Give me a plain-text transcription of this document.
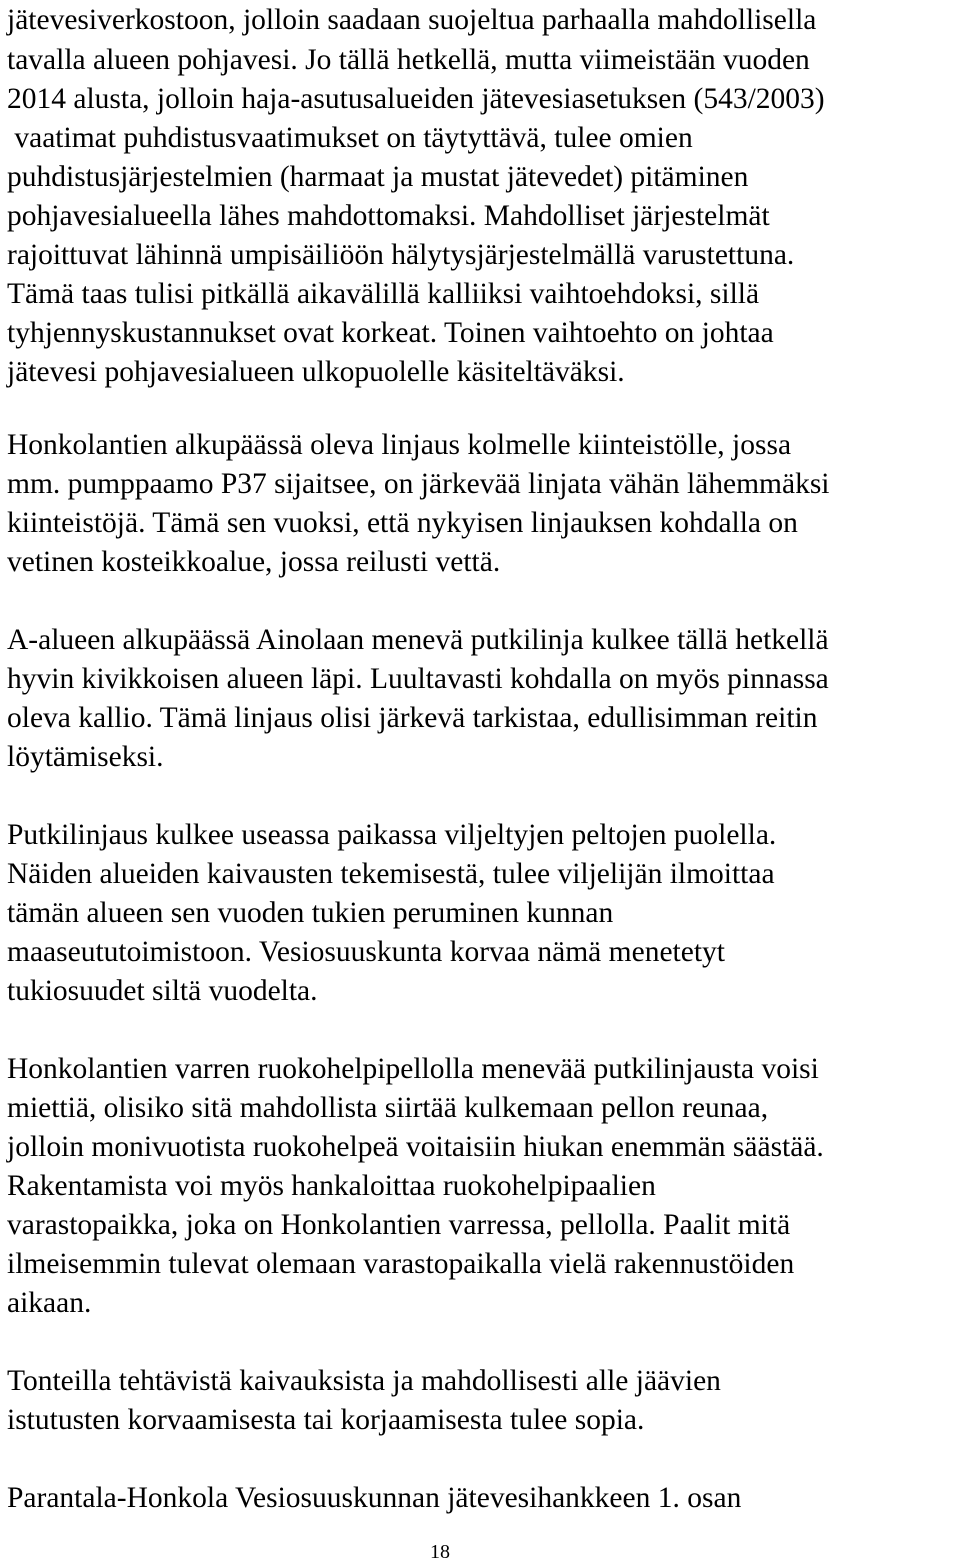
jätevesiverkostoon, jolloin saadaan suojeltua parhaalla mahdollisella

tavalla alueen pohjavesi. Jo tällä hetkellä, mutta viimeistään vuoden

2014 alusta, jolloin haja-asutusalueiden jätevesiasetuksen (543/2003)

vaatimat puhdistusvaatimukset on täytyttävä, tulee omien

puhdistusjärjestelmien (harmaat ja mustat jätevedet) pitäminen

pohjavesialueella lähes mahdottomaksi. Mahdolliset järjestelmät

rajoittuvat lähinnä umpisäiliöön hälytysjärjestelmällä varustettuna.

Tämä taas tulisi pitkällä aikavälillä kalliiksi vaihtoehdoksi, sillä

tyhjennyskustannukset ovat korkeat. Toinen vaihtoehto on johtaa

jätevesi pohjavesialueen ulkopuolelle käsiteltäväksi.

Honkolantien alkupäässä oleva linjaus kolmelle kiinteistölle, jossa

mm. pumppaamo P37 sijaitsee, on järkevää linjata vähän lähemmäksi

kiinteistöjä. Tämä sen vuoksi, että nykyisen linjauksen kohdalla on

vetinen kosteikkoalue, jossa reilusti vettä.

A-alueen alkupäässä Ainolaan menevä putkilinja kulkee tällä hetkellä

hyvin kivikkoisen alueen läpi. Luultavasti kohdalla on myös pinnassa

oleva kallio. Tämä linjaus olisi järkevä tarkistaa, edullisimman reitin

löytämiseksi.

Putkilinjaus kulkee useassa paikassa viljeltyjen peltojen puolella.

Näiden alueiden kaivausten tekemisestä, tulee viljelijän ilmoittaa

tämän alueen sen vuoden tukien peruminen kunnan

maaseututoimistoon. Vesiosuuskunta korvaa nämä menetetyt

tukiosuudet siltä vuodelta.

Honkolantien varren ruokohelpipellolla menevää putkilinjausta voisi

miettiä, olisiko sitä mahdollista siirtää kulkemaan pellon reunaa,

jolloin monivuotista ruokohelpeä voitaisiin hiukan enemmän säästää.

Rakentamista voi myös hankaloittaa ruokohelpipaalien

varastopaikka, joka on Honkolantien varressa, pellolla. Paalit mitä

ilmeisemmin tulevat olemaan varastopaikalla vielä rakennustöiden

aikaan.

Tonteilla tehtävistä kaivauksista ja mahdollisesti alle jäävien

istutusten korvaamisesta tai korjaamisesta tulee sopia.

Parantala-Honkola Vesiosuuskunnan jätevesihankkeen 1. osan
18
